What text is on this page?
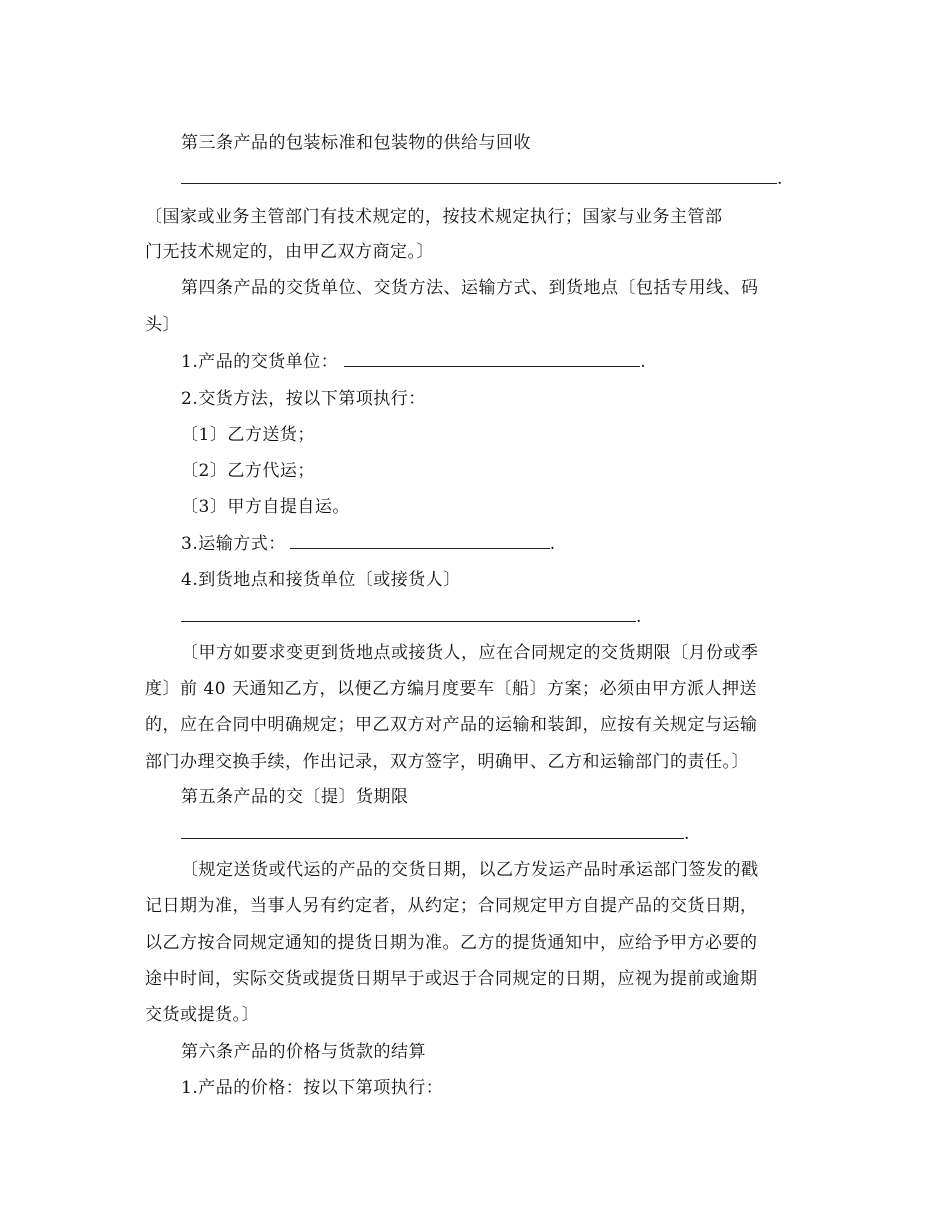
第三条产品的包装标准和包装物的供给与回收
.
〔国家或业务主管部门有技术规定的，按技术规定执行；国家与业务主管部
门无技术规定的，由甲乙双方商定。〕
第四条产品的交货单位、交货方法、运输方式、到货地点〔包括专用线、码
头〕
1.产品的交货单位：	.
2.交货方法，按以下第项执行：
〔1〕乙方送货；
〔2〕乙方代运；
〔3〕甲方自提自运。
3.运输方式：	.
4.到货地点和接货单位〔或接货人〕
.
〔甲方如要求变更到货地点或接货人，应在合同规定的交货期限〔月份或季
度〕前 40 天通知乙方，以便乙方编月度要车〔船〕方案；必须由甲方派人押送
的，应在合同中明确规定；甲乙双方对产品的运输和装卸，应按有关规定与运输
部门办理交换手续，作出记录，双方签字，明确甲、乙方和运输部门的责任。〕
第五条产品的交〔提〕货期限
.
〔规定送货或代运的产品的交货日期，以乙方发运产品时承运部门签发的戳
记日期为准，当事人另有约定者，从约定；合同规定甲方自提产品的交货日期，
以乙方按合同规定通知的提货日期为准。乙方的提货通知中，应给予甲方必要的
途中时间，实际交货或提货日期早于或迟于合同规定的日期，应视为提前或逾期
交货或提货。〕
第六条产品的价格与货款的结算
1.产品的价格：按以下第项执行：
